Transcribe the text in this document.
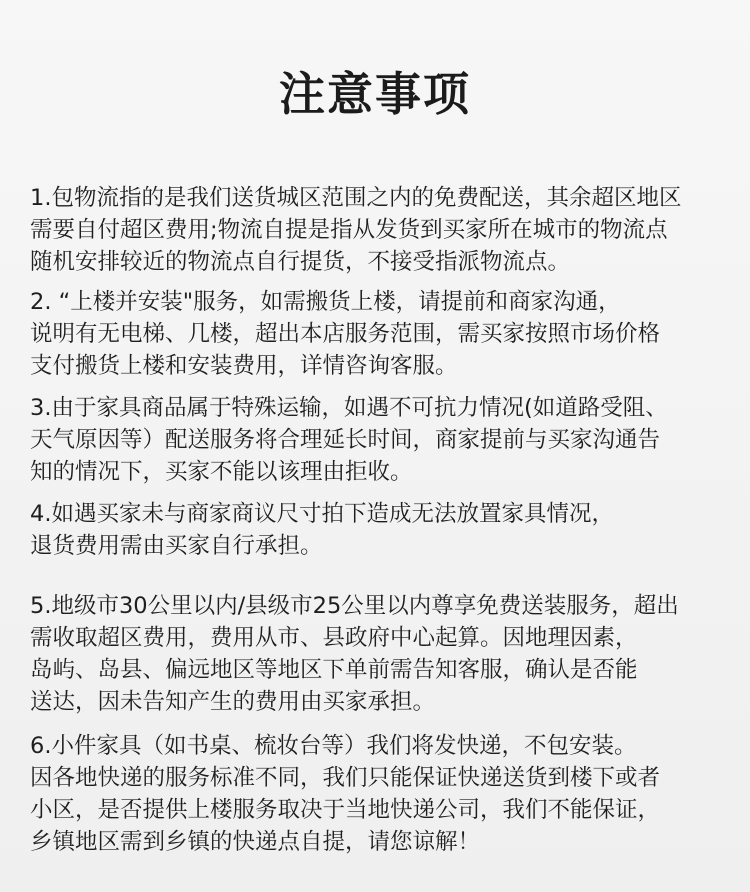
注意事项
1.包物流指的是我们送货城区范围之内的免费配送，其余超区地区
需要自付超区费用;物流自提是指从发货到买家所在城市的物流点
随机安排较近的物流点自行提货，不接受指派物流点。
2. “上楼并安装"服务，如需搬货上楼，请提前和商家沟通，
说明有无电梯、几楼，超出本店服务范围，需买家按照市场价格
支付搬货上楼和安装费用，详情咨询客服。
3.由于家具商品属于特殊运输，如遇不可抗力情况(如道路受阻、
天气原因等）配送服务将合理延长时间，商家提前与买家沟通告
知的情况下，买家不能以该理由拒收。
4.如遇买家未与商家商议尺寸拍下造成无法放置家具情况，
退货费用需由买家自行承担。
5.地级市30公里以内/县级市25公里以内尊享免费送装服务，超出
需收取超区费用，费用从市、县政府中心起算。因地理因素，
岛屿、岛县、偏远地区等地区下单前需告知客服，确认是否能
送达，因未告知产生的费用由买家承担。
6.小件家具（如书桌、梳妆台等）我们将发快递，不包安装。
因各地快递的服务标准不同，我们只能保证快递送货到楼下或者
小区，是否提供上楼服务取决于当地快递公司，我们不能保证，
乡镇地区需到乡镇的快递点自提，请您谅解！
